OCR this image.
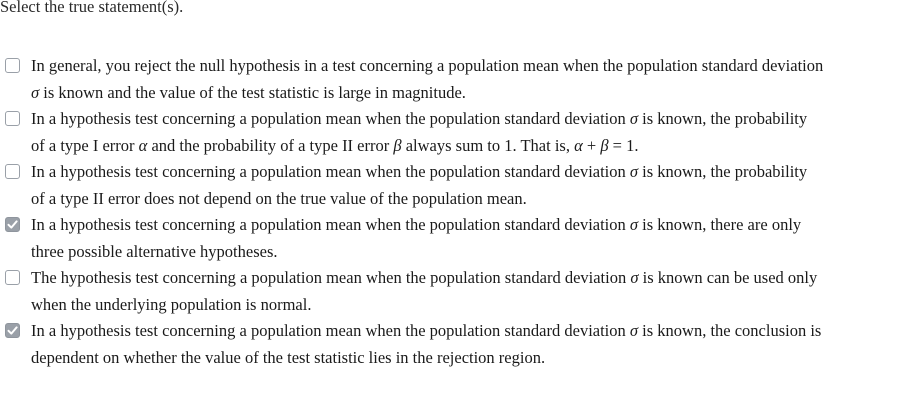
Select the true statement(s).
In general, you reject the null hypothesis in a test concerning a population mean when the population standard deviation
σ is known and the value of the test statistic is large in magnitude.
In a hypothesis test concerning a population mean when the population standard deviation σ is known, the probability
of a type I error α and the probability of a type II error β always sum to 1. That is, α + β = 1.
In a hypothesis test concerning a population mean when the population standard deviation σ is known, the probability
of a type II error does not depend on the true value of the population mean.
In a hypothesis test concerning a population mean when the population standard deviation σ is known, there are only
three possible alternative hypotheses.
The hypothesis test concerning a population mean when the population standard deviation σ is known can be used only
when the underlying population is normal.
In a hypothesis test concerning a population mean when the population standard deviation σ is known, the conclusion is
dependent on whether the value of the test statistic lies in the rejection region.
